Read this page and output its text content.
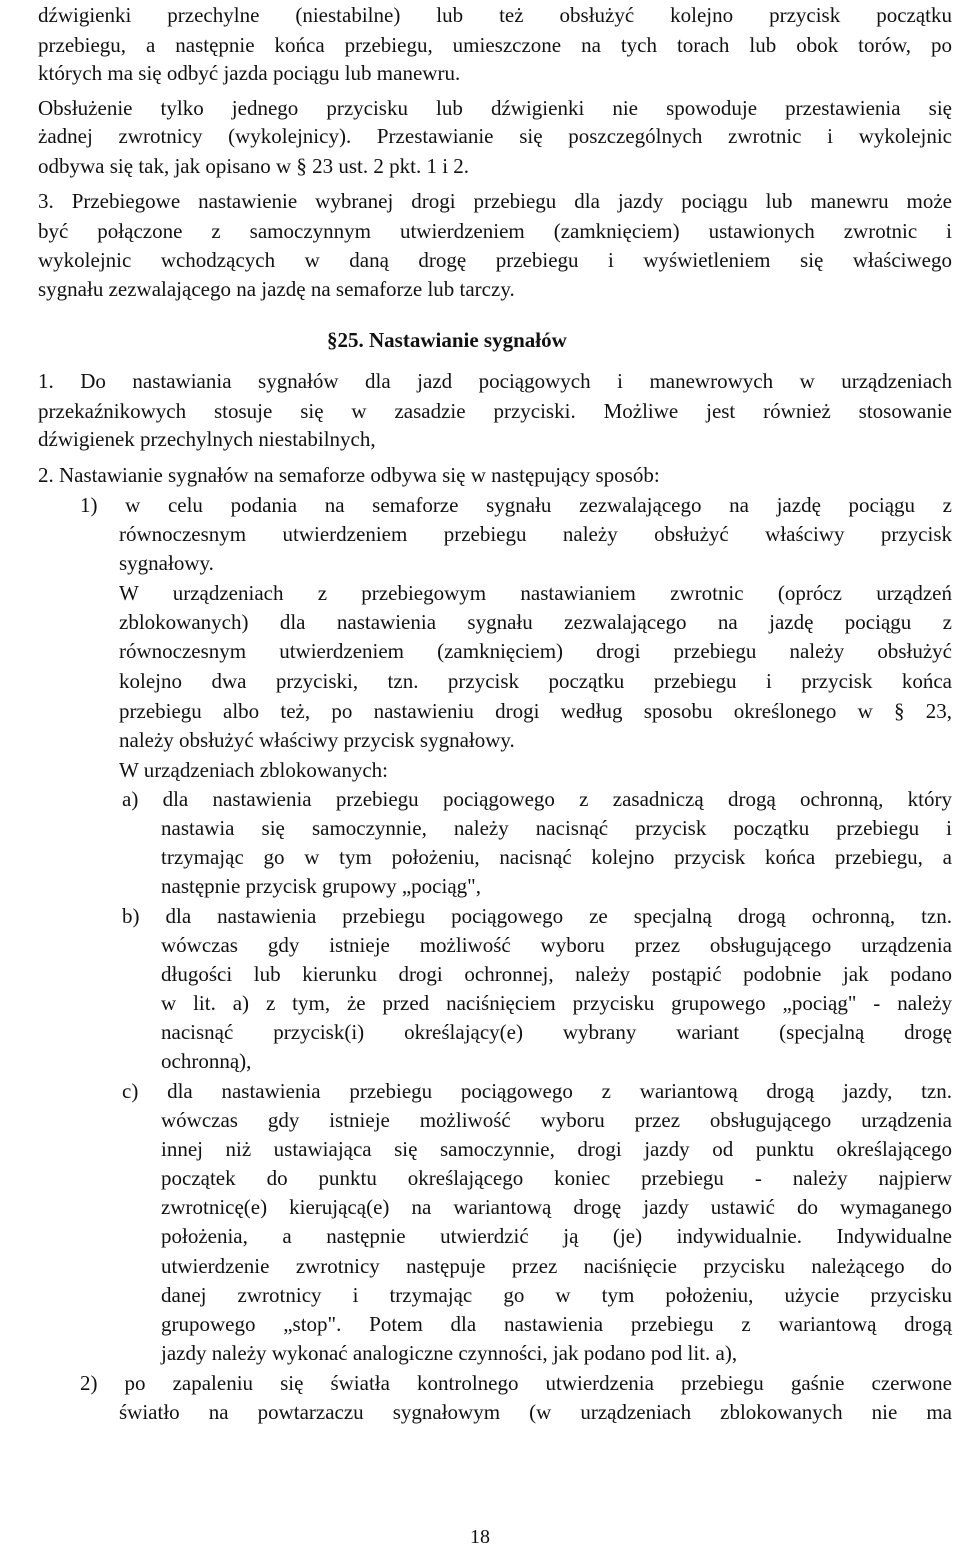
dźwigienki przechylne (niestabilne) lub też obsłużyć kolejno przycisk początku
przebiegu, a następnie końca przebiegu, umieszczone na tych torach lub obok torów, po
których ma się odbyć jazda pociągu lub manewru.
Obsłużenie tylko jednego przycisku lub dźwigienki nie spowoduje przestawienia się
żadnej zwrotnicy (wykolejnicy). Przestawianie się poszczególnych zwrotnic i wykolejnic
odbywa się tak, jak opisano w § 23 ust. 2 pkt. 1 i 2.
3. Przebiegowe nastawienie wybranej drogi przebiegu dla jazdy pociągu lub manewru może
być połączone z samoczynnym utwierdzeniem (zamknięciem) ustawionych zwrotnic i
wykolejnic wchodzących w daną drogę przebiegu i wyświetleniem się właściwego
sygnału zezwalającego na jazdę na semaforze lub tarczy.
§25. Nastawianie sygnałów
1. Do nastawiania sygnałów dla jazd pociągowych i manewrowych w urządzeniach
przekaźnikowych stosuje się w zasadzie przyciski. Możliwe jest również stosowanie
dźwigienek przechylnych niestabilnych,
2. Nastawianie sygnałów na semaforze odbywa się w następujący sposób:
1) w celu podania na semaforze sygnału zezwalającego na jazdę pociągu z
równoczesnym utwierdzeniem przebiegu należy obsłużyć właściwy przycisk
sygnałowy.
W urządzeniach z przebiegowym nastawianiem zwrotnic (oprócz urządzeń
zblokowanych) dla nastawienia sygnału zezwalającego na jazdę pociągu z
równoczesnym utwierdzeniem (zamknięciem) drogi przebiegu należy obsłużyć
kolejno dwa przyciski, tzn. przycisk początku przebiegu i przycisk końca
przebiegu albo też, po nastawieniu drogi według sposobu określonego w § 23,
należy obsłużyć właściwy przycisk sygnałowy.
W urządzeniach zblokowanych:
a) dla nastawienia przebiegu pociągowego z zasadniczą drogą ochronną, który
nastawia się samoczynnie, należy nacisnąć przycisk początku przebiegu i
trzymając go w tym położeniu, nacisnąć kolejno przycisk końca przebiegu, a
następnie przycisk grupowy „pociąg",
b) dla nastawienia przebiegu pociągowego ze specjalną drogą ochronną, tzn.
wówczas gdy istnieje możliwość wyboru przez obsługującego urządzenia
długości lub kierunku drogi ochronnej, należy postąpić podobnie jak podano
w lit. a) z tym, że przed naciśnięciem przycisku grupowego „pociąg" - należy
nacisnąć przycisk(i) określający(e) wybrany wariant (specjalną drogę
ochronną),
c) dla nastawienia przebiegu pociągowego z wariantową drogą jazdy, tzn.
wówczas gdy istnieje możliwość wyboru przez obsługującego urządzenia
innej niż ustawiająca się samoczynnie, drogi jazdy od punktu określającego
początek do punktu określającego koniec przebiegu - należy najpierw
zwrotnicę(e) kierującą(e) na wariantową drogę jazdy ustawić do wymaganego
położenia, a następnie utwierdzić ją (je) indywidualnie. Indywidualne
utwierdzenie zwrotnicy następuje przez naciśnięcie przycisku należącego do
danej zwrotnicy i trzymając go w tym położeniu, użycie przycisku
grupowego „stop". Potem dla nastawienia przebiegu z wariantową drogą
jazdy należy wykonać analogiczne czynności, jak podano pod lit. a),
2) po zapaleniu się światła kontrolnego utwierdzenia przebiegu gaśnie czerwone
światło na powtarzaczu sygnałowym (w urządzeniach zblokowanych nie ma
18
